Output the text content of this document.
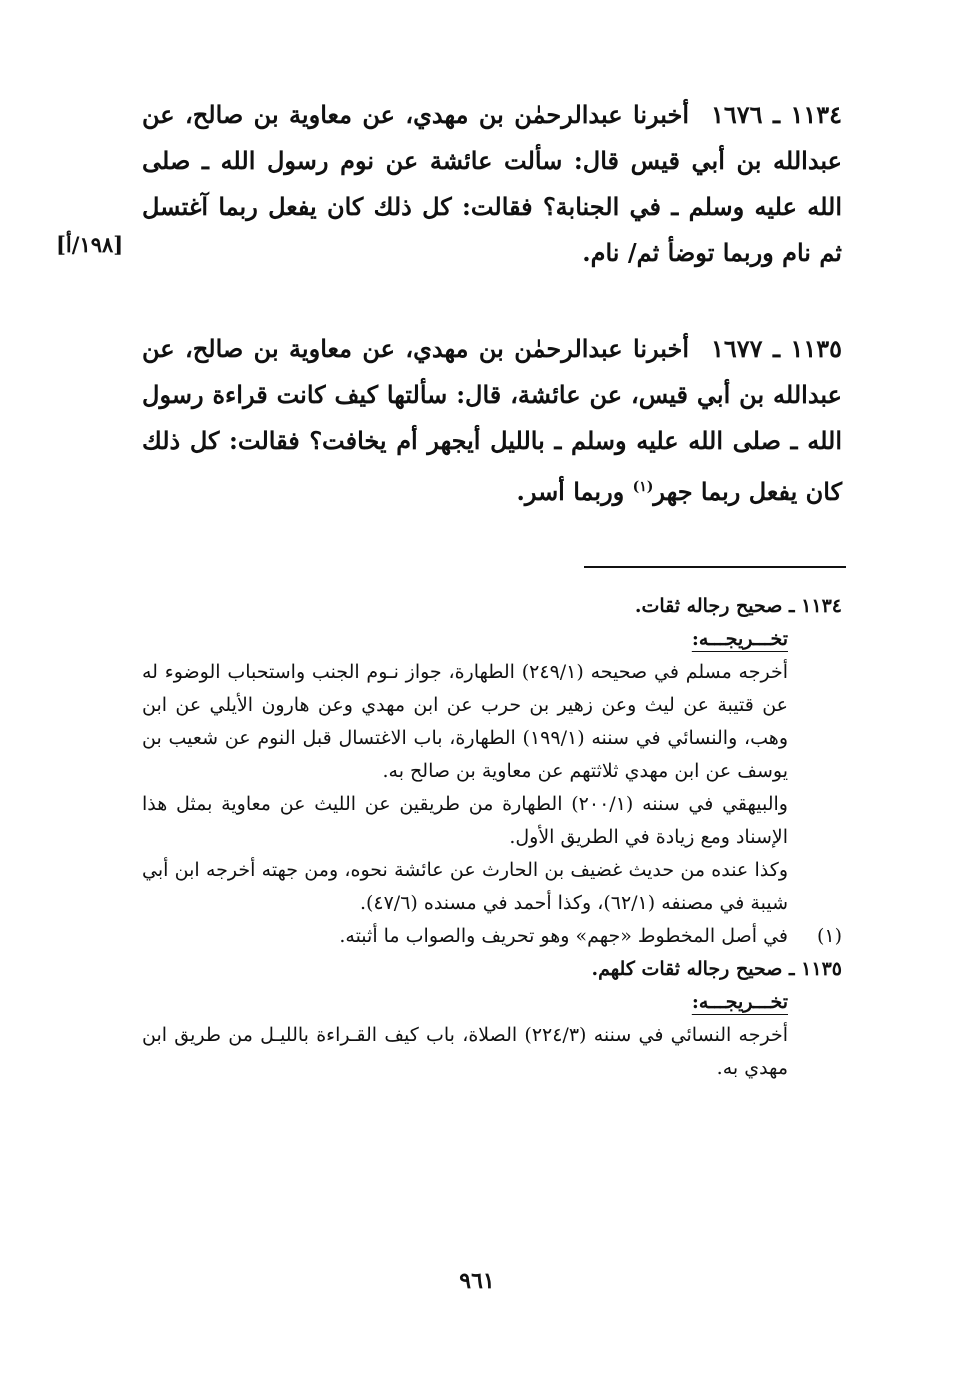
١١٣٤ ـ ١٦٧٦أخبرنا عبدالرحمٰن بن مهدي، عن معاوية بن صالح، عن عبدالله بن أبي قيس قال: سألت عائشة عن نوم رسول الله ـ صلى الله عليه وسلم ـ في الجنابة؟ فقالت: كل ذلك كان يفعل ربما آغتسل ثم نام وربما توضأ ثم/ نام.
[١٩٨/أ]
١١٣٥ ـ ١٦٧٧أخبرنا عبدالرحمٰن بن مهدي، عن معاوية بن صالح، عن عبدالله بن أبي قيس، عن عائشة، قال: سألتها كيف كانت قراءة رسول الله ـ صلى الله عليه وسلم ـ بالليل أيجهر أم يخافت؟ فقالت: كل ذلك كان يفعل ربما جهر$^{(١)}$ وربما أسر.

١١٣٤ ـ صحيح رجاله ثقات.

تخـــريجـــه:

أخرجه مسلم في صحيحه (٢٤٩/١) الطهارة، جواز نـوم الجنب واستحباب الوضوء له عن قتيبة عن ليث وعن زهير بن حرب عن ابن مهدي وعن هارون الأيلي عن ابن وهب، والنسائي في سننه (١٩٩/١) الطهارة، باب الاغتسال قبل النوم عن شعيب بن يوسف عن ابن مهدي ثلاثتهم عن معاوية بن صالح به.

والبيهقي في سننه (٢٠٠/١) الطهارة من طريقين عن الليث عن معاوية بمثل هذا الإسناد ومع زيادة في الطريق الأول.

وكذا عنده من حديث غضيف بن الحارث عن عائشة نحوه، ومن جهته أخرجه ابن أبي شيبة في مصنفه (٦٢/١)، وكذا أحمد في مسنده (٤٧/٦).

(١)في أصل المخطوط «جهم» وهو تحريف والصواب ما أثبته.

١١٣٥ ـ صحيح رجاله ثقات كلهم.

تخـــريجـــه:

أخرجه النسائي في سننه (٢٢٤/٣) الصلاة، باب كيف القـراءة بالليـل من طريق ابن مهدي به.

٩٦١
